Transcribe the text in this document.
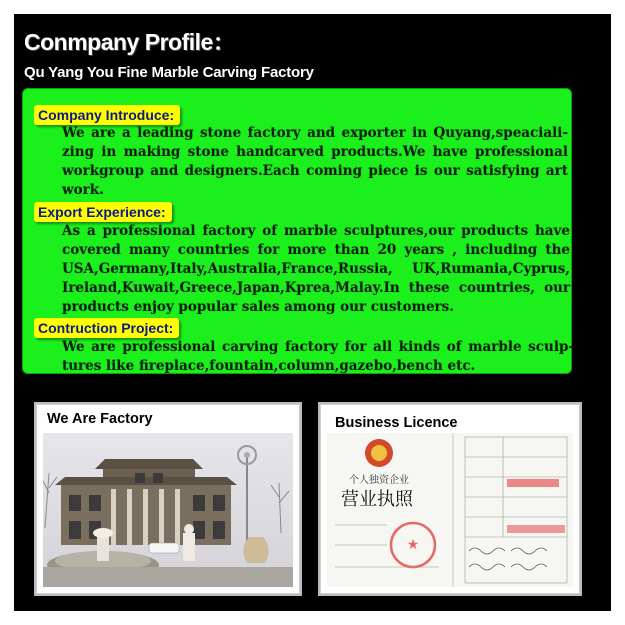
Conmpany Profile：
Qu Yang You Fine Marble Carving Factory
Company Introduce:
We are a leading stone factory and exporter in Quyang,speaciali-zing in making stone handcarved products.We have professional workgroup and designers.Each coming piece is our satisfying art work.
Export Experience:
As a professional factory of marble sculptures,our products have covered many countries for more than 20 years , including the USA,Germany,Italy,Australia,France,Russia, UK,Rumania,Cyprus, Ireland,Kuwait,Greece,Japan,Kprea,Malay.In these countries, our products enjoy popular sales among our customers.
Contruction Project:
We are professional carving factory for all kinds of marble sculp-tures like fireplace,fountain,column,gazebo,bench etc.
We Are Factory	Business Licence
★
个人独资企业
营业执照
